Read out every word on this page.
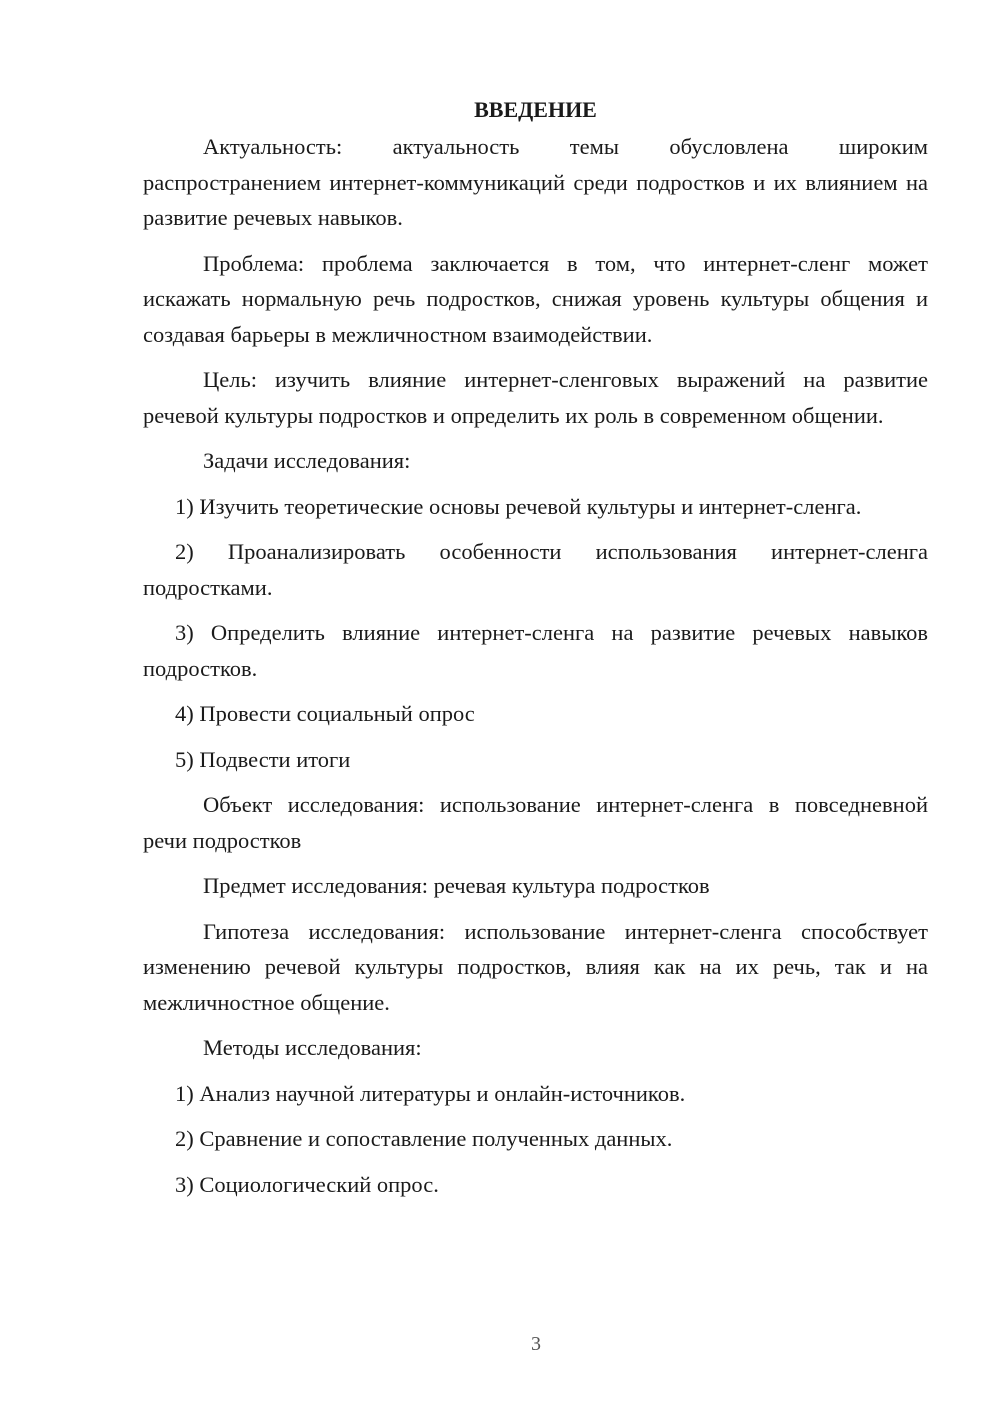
ВВЕДЕНИЕ

Актуальность: актуальность темы обусловлена широким распространением интернет-коммуникаций среди подростков и их влиянием на развитие речевых навыков.

Проблема: проблема заключается в том, что интернет-сленг может искажать нормальную речь подростков, снижая уровень культуры общения и создавая барьеры в межличностном взаимодействии.

Цель: изучить влияние интернет-сленговых выражений на развитие речевой культуры подростков и определить их роль в современном общении.

Задачи исследования:

1) Изучить теоретические основы речевой культуры и интернет-сленга.

2) Проанализировать особенности использования интернет-сленга подростками.

3) Определить влияние интернет-сленга на развитие речевых навыков подростков.

4) Провести социальный опрос

5) Подвести итоги

Объект исследования: использование интернет-сленга в повседневной речи подростков

Предмет исследования: речевая культура подростков

Гипотеза исследования: использование интернет-сленга способствует изменению речевой культуры подростков, влияя как на их речь, так и на межличностное общение.

Методы исследования:

1) Анализ научной литературы и онлайн-источников.

2) Сравнение и сопоставление полученных данных.

3) Социологический опрос.

3
